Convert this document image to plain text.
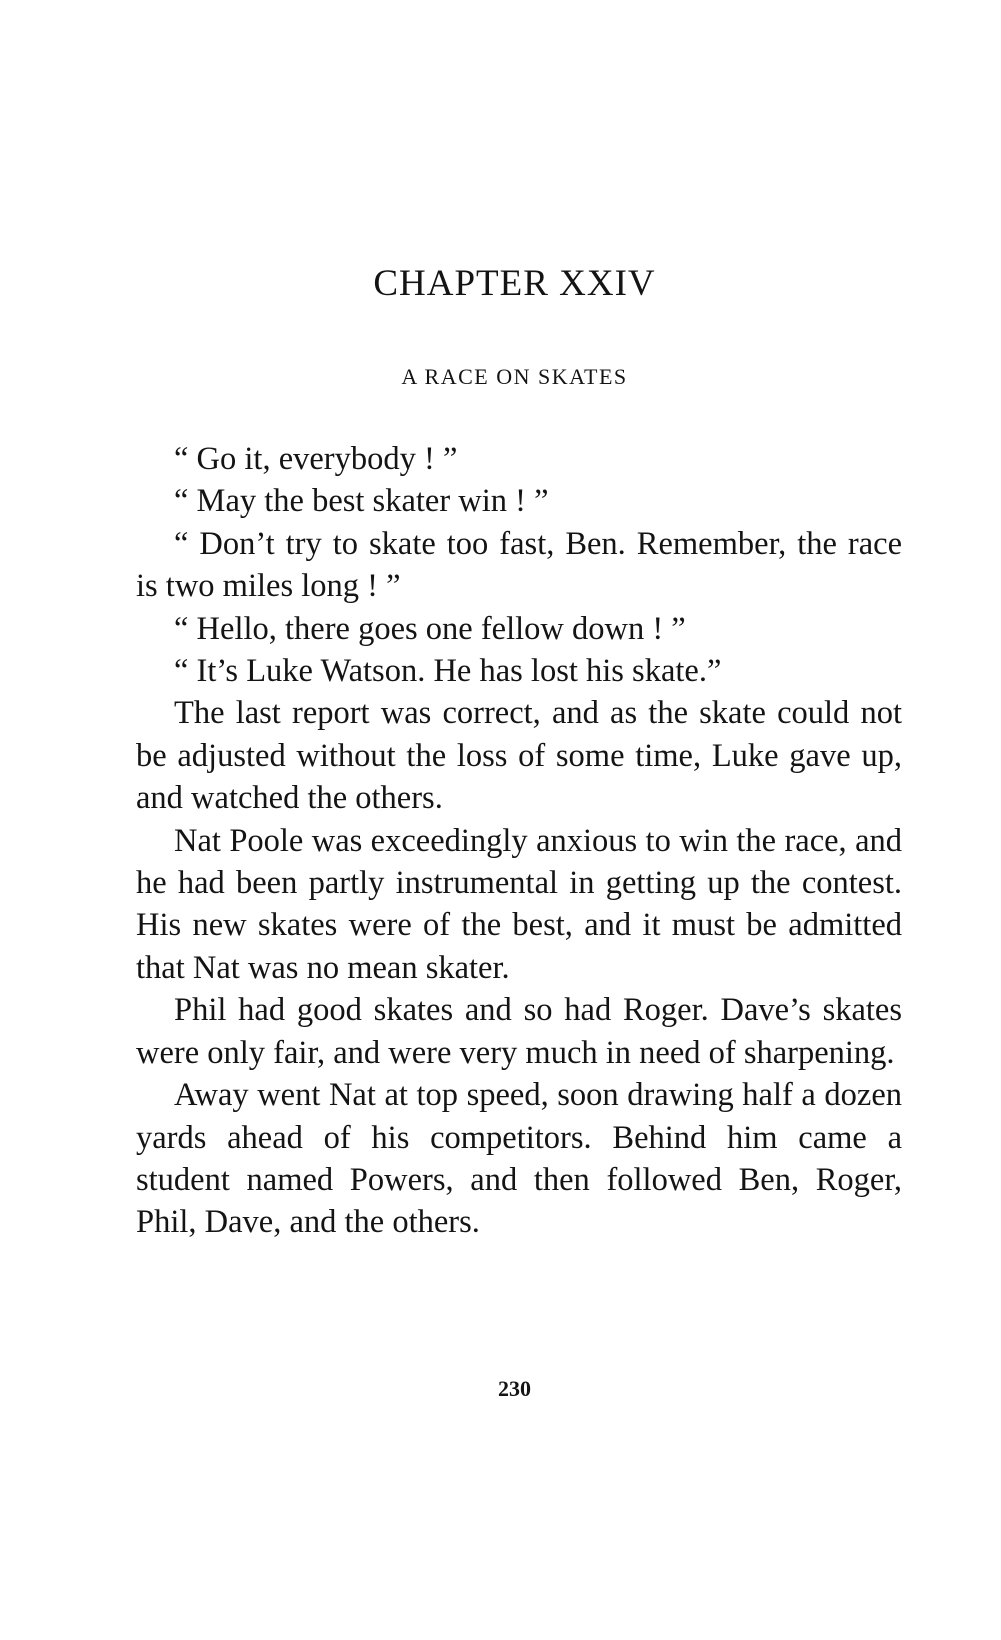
CHAPTER XXIV
A RACE ON SKATES

“ Go it, everybody ! ”

“ May the best skater win ! ”

“ Don’t try to skate too fast, Ben. Remember, the race is two miles long ! ”

“ Hello, there goes one fellow down ! ”

“ It’s Luke Watson. He has lost his skate.”

The last report was correct, and as the skate could not be adjusted without the loss of some time, Luke gave up, and watched the others.

Nat Poole was exceedingly anxious to win the race, and he had been partly instrumental in getting up the contest. His new skates were of the best, and it must be admitted that Nat was no mean skater.

Phil had good skates and so had Roger. Dave’s skates were only fair, and were very much in need of sharpening.

Away went Nat at top speed, soon drawing half a dozen yards ahead of his competitors. Behind him came a student named Powers, and then followed Ben, Roger, Phil, Dave, and the others.

230
